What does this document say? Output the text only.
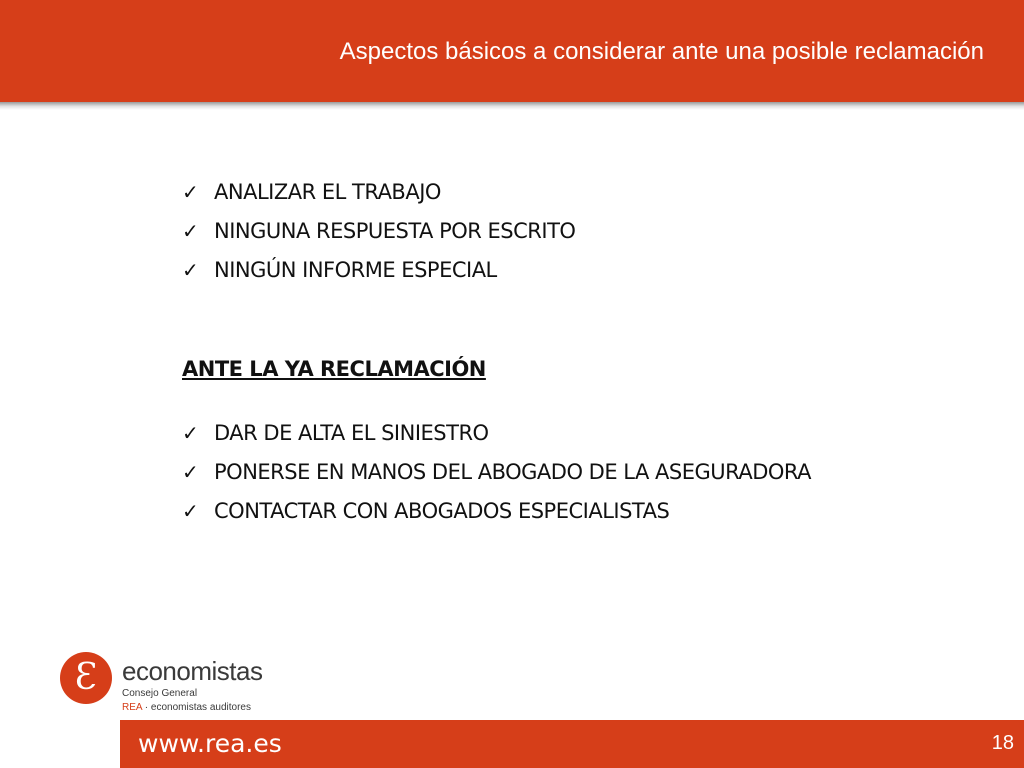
Aspectos básicos a considerar ante una posible reclamación
✓ ANALIZAR EL TRABAJO
✓ NINGUNA RESPUESTA POR ESCRITO
✓ NINGÚN INFORME ESPECIAL
ANTE LA YA RECLAMACIÓN
✓ DAR DE ALTA EL SINIESTRO
✓ PONERSE EN MANOS DEL ABOGADO DE LA ASEGURADORA
✓ CONTACTAR CON ABOGADOS ESPECIALISTAS
Ɛ economistas
Consejo General
REA · economistas auditores
www.rea.es	18
